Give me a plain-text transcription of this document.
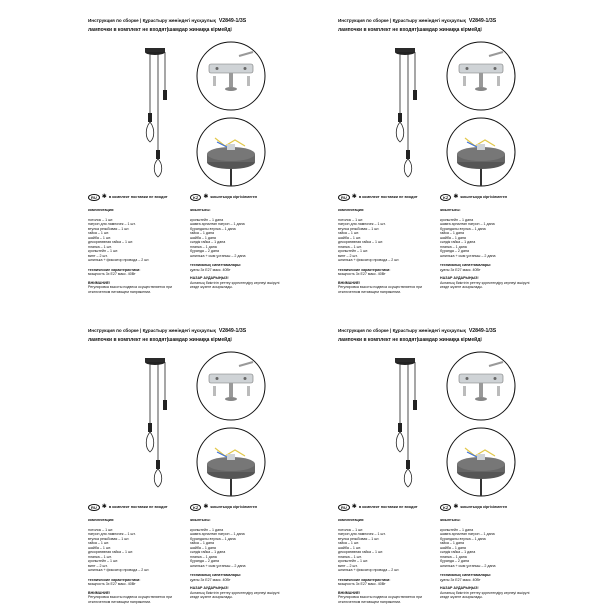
Инструкция по сборке | Құрастыру жөніндегі нұсқаулық V2849-1/3S
лампочки в комплект не входят|шамдар жинаққа кірмейді
RU ✱ в комплект поставки не входит	KZ ✱ жиынтыққа кіргізілмеген
комплектация:
потолок – 1 шт.
патрон для лампочек – 1 шт.
втулка резьбовая – 1 шт.
гайка – 1 шт.
шайба – 1 шт.
декоративная гайка – 1 шт.
планка – 1 шт.
кронштейн – 1 шт.
винт – 2 шт.
шпилька + фиксатор провода – 2 шт.
технические характеристики:
мощность 3x E27 макс. 40Вт
ВНИМАНИЕ!
Регулировка высоты подвеса осуществляется при отключенном питающем напряжении.
жиынтығы:
кронштейн – 1 дана
шамға арналған патрон – 1 дана
бұрандалы втулка – 1 дана
гайка – 1 дана
шайба – 1 дана
сәндік гайка – 1 дана
планка – 1 дана
бұранда – 2 дана
шпилька + сым ұстағыш – 2 дана
техникалық сипаттамалары:
қуаты 3x E27 макс. 40Вт
НАЗАР АУДАРЫҢЫЗ!
Аспаның биіктігін реттеу қоректендіру кернеуі өшірулі кезде жүзеге асырылады.
Инструкция по сборке | Құрастыру жөніндегі нұсқаулық V2849-1/3S
лампочки в комплект не входят|шамдар жинаққа кірмейді
RU ✱ в комплект поставки не входит	KZ ✱ жиынтыққа кіргізілмеген
комплектация:
потолок – 1 шт.
патрон для лампочек – 1 шт.
втулка резьбовая – 1 шт.
гайка – 1 шт.
шайба – 1 шт.
декоративная гайка – 1 шт.
планка – 1 шт.
кронштейн – 1 шт.
винт – 2 шт.
шпилька + фиксатор провода – 2 шт.
технические характеристики:
мощность 3x E27 макс. 40Вт
ВНИМАНИЕ!
Регулировка высоты подвеса осуществляется при отключенном питающем напряжении.
жиынтығы:
кронштейн – 1 дана
шамға арналған патрон – 1 дана
бұрандалы втулка – 1 дана
гайка – 1 дана
шайба – 1 дана
сәндік гайка – 1 дана
планка – 1 дана
бұранда – 2 дана
шпилька + сым ұстағыш – 2 дана
техникалық сипаттамалары:
қуаты 3x E27 макс. 40Вт
НАЗАР АУДАРЫҢЫЗ!
Аспаның биіктігін реттеу қоректендіру кернеуі өшірулі кезде жүзеге асырылады.
Инструкция по сборке | Құрастыру жөніндегі нұсқаулық V2849-1/3S
лампочки в комплект не входят|шамдар жинаққа кірмейді
RU ✱ в комплект поставки не входит	KZ ✱ жиынтыққа кіргізілмеген
комплектация:
потолок – 1 шт.
патрон для лампочек – 1 шт.
втулка резьбовая – 1 шт.
гайка – 1 шт.
шайба – 1 шт.
декоративная гайка – 1 шт.
планка – 1 шт.
кронштейн – 1 шт.
винт – 2 шт.
шпилька + фиксатор провода – 2 шт.
технические характеристики:
мощность 3x E27 макс. 40Вт
ВНИМАНИЕ!
Регулировка высоты подвеса осуществляется при отключенном питающем напряжении.
жиынтығы:
кронштейн – 1 дана
шамға арналған патрон – 1 дана
бұрандалы втулка – 1 дана
гайка – 1 дана
шайба – 1 дана
сәндік гайка – 1 дана
планка – 1 дана
бұранда – 2 дана
шпилька + сым ұстағыш – 2 дана
техникалық сипаттамалары:
қуаты 3x E27 макс. 40Вт
НАЗАР АУДАРЫҢЫЗ!
Аспаның биіктігін реттеу қоректендіру кернеуі өшірулі кезде жүзеге асырылады.
Инструкция по сборке | Құрастыру жөніндегі нұсқаулық V2849-1/3S
лампочки в комплект не входят|шамдар жинаққа кірмейді
RU ✱ в комплект поставки не входит	KZ ✱ жиынтыққа кіргізілмеген
комплектация:
потолок – 1 шт.
патрон для лампочек – 1 шт.
втулка резьбовая – 1 шт.
гайка – 1 шт.
шайба – 1 шт.
декоративная гайка – 1 шт.
планка – 1 шт.
кронштейн – 1 шт.
винт – 2 шт.
шпилька + фиксатор провода – 2 шт.
технические характеристики:
мощность 3x E27 макс. 40Вт
ВНИМАНИЕ!
Регулировка высоты подвеса осуществляется при отключенном питающем напряжении.
жиынтығы:
кронштейн – 1 дана
шамға арналған патрон – 1 дана
бұрандалы втулка – 1 дана
гайка – 1 дана
шайба – 1 дана
сәндік гайка – 1 дана
планка – 1 дана
бұранда – 2 дана
шпилька + сым ұстағыш – 2 дана
техникалық сипаттамалары:
қуаты 3x E27 макс. 40Вт
НАЗАР АУДАРЫҢЫЗ!
Аспаның биіктігін реттеу қоректендіру кернеуі өшірулі кезде жүзеге асырылады.
